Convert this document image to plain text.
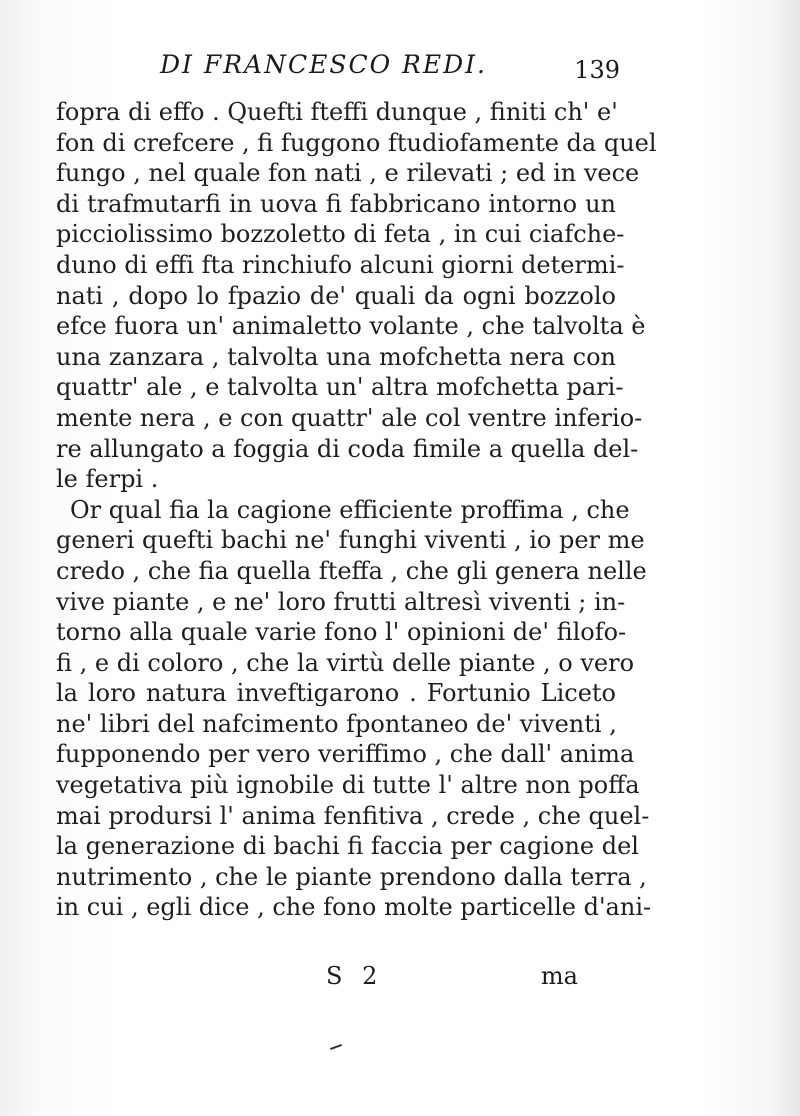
DI FRANCESCO REDI.	139
fopra di effo . Quefti fteffi dunque , finiti ch' e'
fon di crefcere , fi fuggono ftudiofamente da quel
fungo , nel quale fon nati , e rilevati ; ed in vece
di trafmutarfi in uova fi fabbricano intorno un
picciolissimo bozzoletto di feta , in cui ciafche-
duno di effi fta rinchiufo alcuni giorni determi-
nati , dopo lo fpazio de' quali da ogni bozzolo
efce fuora un' animaletto volante , che talvolta è
una zanzara , talvolta una mofchetta nera con
quattr' ale , e talvolta un' altra mofchetta pari-
mente nera , e con quattr' ale col ventre inferio-
re allungato a foggia di coda fimile a quella del-
le ferpi .
Or qual fia la cagione efficiente proffima , che
generi quefti bachi ne' funghi viventi , io per me
credo , che fia quella fteffa , che gli genera nelle
vive piante , e ne' loro frutti altresì viventi ; in-
torno alla quale varie fono l' opinioni de' filofo-
fi , e di coloro , che la virtù delle piante , o vero
la loro natura inveftigarono . Fortunio Liceto
ne' libri del nafcimento fpontaneo de' viventi ,
fupponendo per vero veriffimo , che dall' anima
vegetativa più ignobile di tutte l' altre non poffa
mai prodursi l' anima fenfitiva , crede , che quel-
la generazione di bachi fi faccia per cagione del
nutrimento , che le piante prendono dalla terra ,
in cui , egli dice , che fono molte particelle d'ani-
S 2	ma
